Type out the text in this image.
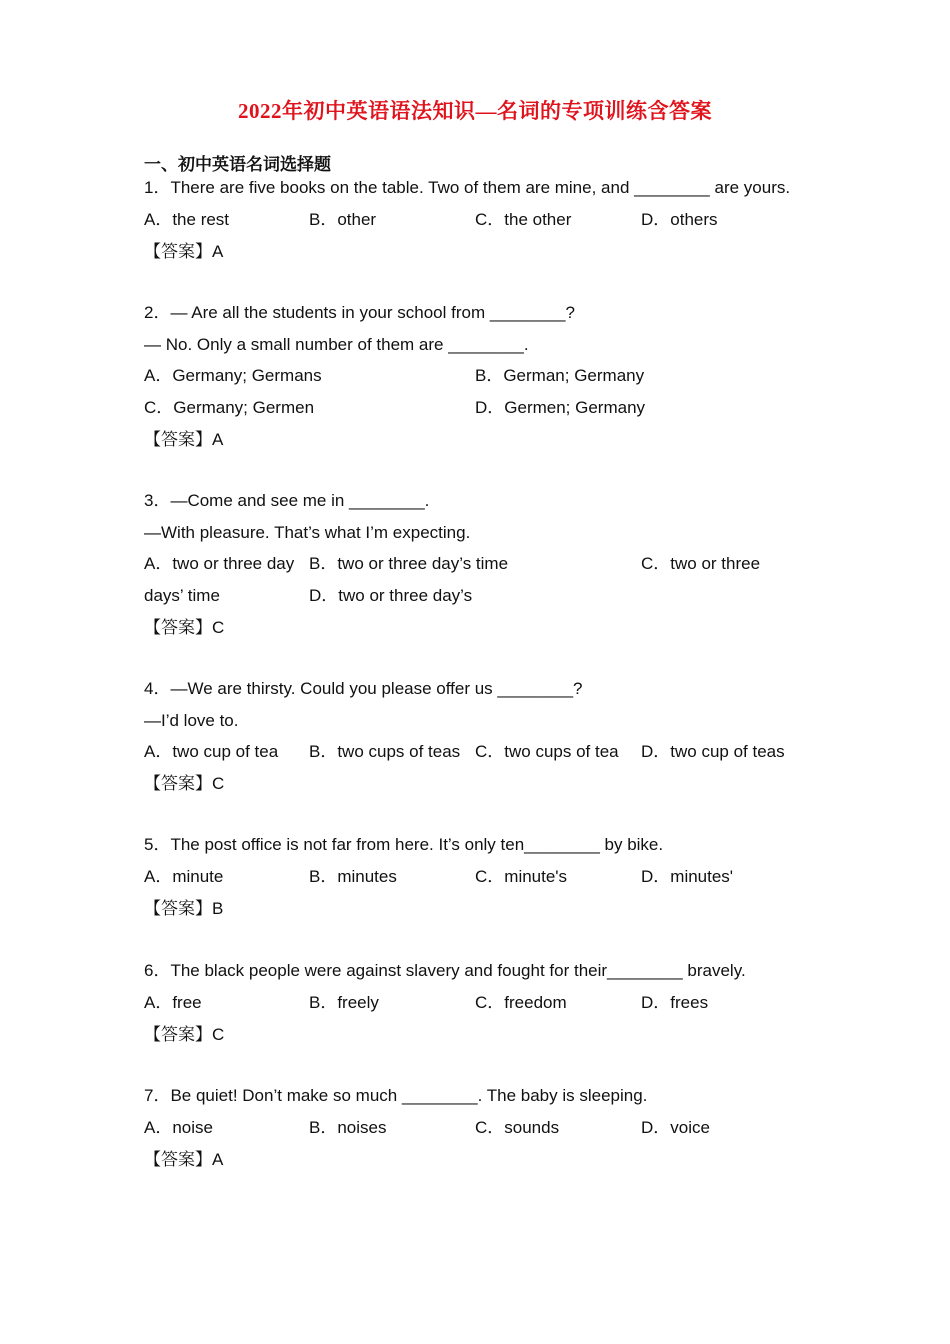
2022年初中英语语法知识—名词的专项训练含答案
一、初中英语名词选择题
1．There are five books on the table. Two of them are mine, and ________ are yours.
A．the rest	B．other	C．the other	D．others
【答案】A
2．— Are all the students in your school from ________?
— No. Only a small number of them are ________.
A．Germany; Germans	B．German; Germany
C．Germany; Germen	D．Germen; Germany
【答案】A
3．—Come and see me in ________.
—With pleasure. That’s what I’m expecting.
A．two or three day B．two or three day’s time	C．two or three
days’ time	D．two or three day’s
【答案】C
4．—We are thirsty. Could you please offer us ________?
—I’d love to.
A．two cup of tea B．two cups of teas C．two cups of tea D．two cup of teas
【答案】C
5．The post office is not far from here. It’s only ten________ by bike.
A．minute	B．minutes	C．minute's	D．minutes'
【答案】B
6．The black people were against slavery and fought for their________ bravely.
A．free	B．freely	C．freedom	D．frees
【答案】C
7．Be quiet! Don’t make so much ________. The baby is sleeping.
A．noise	B．noises	C．sounds	D．voice
【答案】A
